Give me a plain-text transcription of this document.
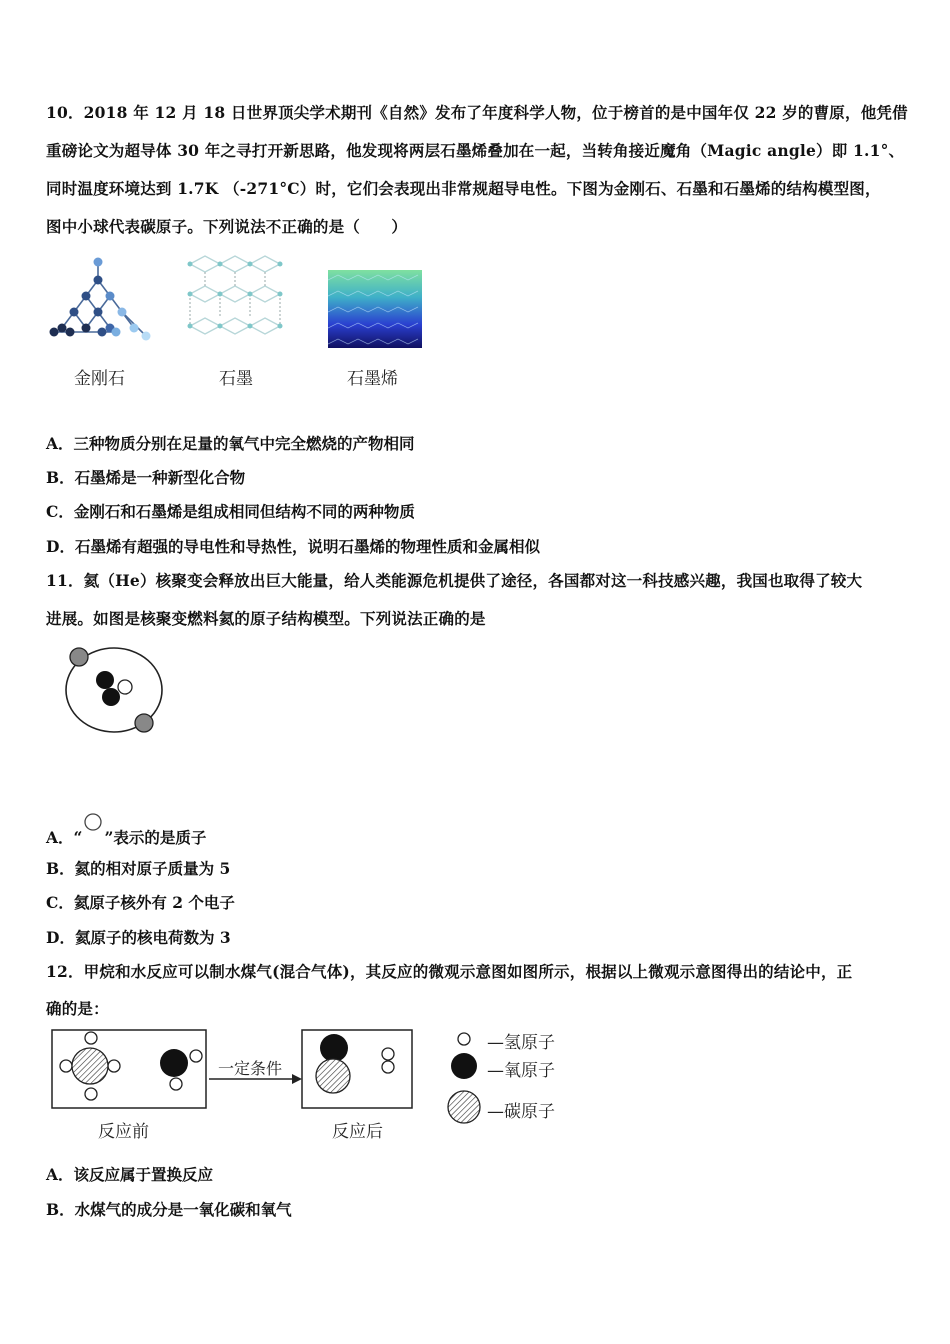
10．2018 年 12 月 18 日世界顶尖学术期刊《自然》发布了年度科学人物，位于榜首的是中国年仅 22 岁的曹原，他凭借
重磅论文为超导体 30 年之寻打开新思路，他发现将两层石墨烯叠加在一起，当转角接近魔角（Magic angle）即 1.1°、
同时温度环境达到 1.7K （-271°C）时，它们会表现出非常规超导电性。下图为金刚石、石墨和石墨烯的结构模型图，
图中小球代表碳原子。下列说法不正确的是（　　）
金刚石	石墨	石墨烯
A．三种物质分别在足量的氧气中完全燃烧的产物相同
B．石墨烯是一种新型化合物
C．金刚石和石墨烯是组成相同但结构不同的两种物质
D．石墨烯有超强的导电性和导热性，说明石墨烯的物理性质和金属相似
11．氦（He）核聚变会释放出巨大能量，给人类能源危机提供了途径，各国都对这一科技感兴趣，我国也取得了较大
进展。如图是核聚变燃料氦的原子结构模型。下列说法正确的是
A．“ ”表示的是质子
B．氦的相对原子质量为 5
C．氦原子核外有 2 个电子
D．氦原子的核电荷数为 3
12．甲烷和水反应可以制水煤气(混合气体)，其反应的微观示意图如图所示，根据以上微观示意图得出的结论中，正
确的是：
一定条件
反应前	反应后
—氢原子
—氧原子
—碳原子
A．该反应属于置换反应
B．水煤气的成分是一氧化碳和氧气
